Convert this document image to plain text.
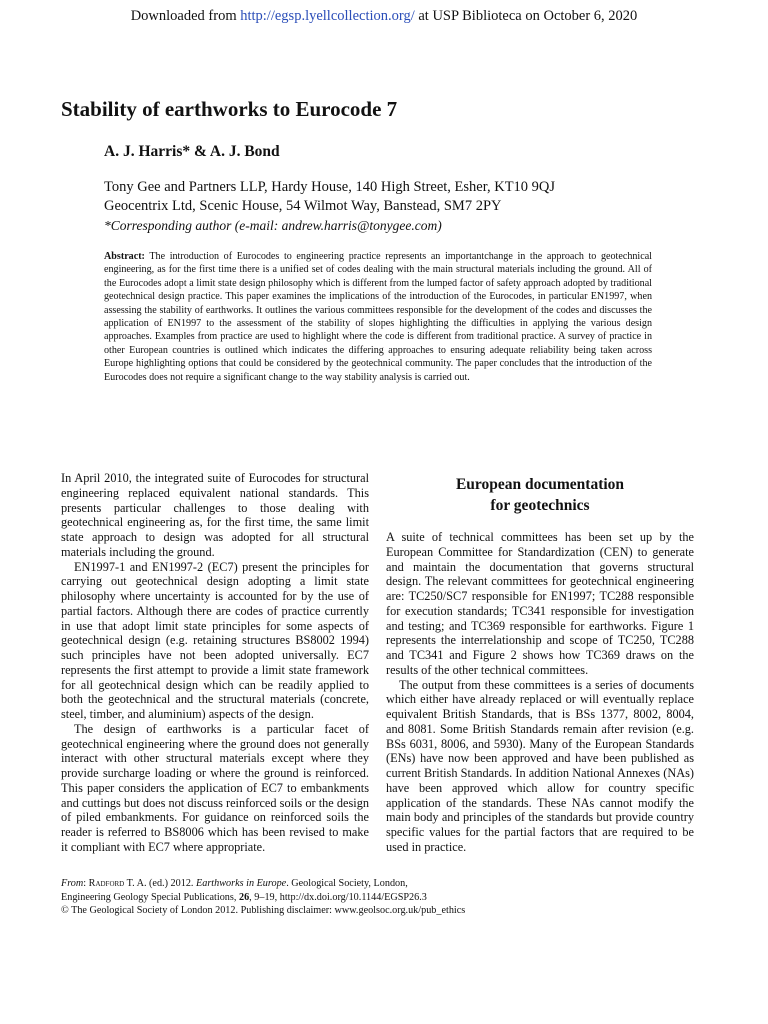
Downloaded from http://egsp.lyellcollection.org/ at USP Biblioteca on October 6, 2020
Stability of earthworks to Eurocode 7

A. J. Harris* & A. J. Bond

Tony Gee and Partners LLP, Hardy House, 140 High Street, Esher, KT10 9QJ

Geocentrix Ltd, Scenic House, 54 Wilmot Way, Banstead, SM7 2PY

*Corresponding author (e-mail: andrew.harris@tonygee.com)

Abstract: The introduction of Eurocodes to engineering practice represents an importantchange in the approach to geotechnical engineering, as for the first time there is a unified set of codes dealing with the main structural materials including the ground. All of the Eurocodes adopt a limit state design philosophy which is different from the lumped factor of safety approach adopted by traditional geotechnical design practice. This paper examines the implications of the introduction of the Eurocodes, in particular EN1997, when assessing the stability of earthworks. It outlines the various committees responsible for the development of the codes and discusses the application of EN1997 to the assessment of the stability of slopes highlighting the difficulties in applying the various design approaches. Examples from practice are used to highlight where the code is different from traditional practice. A survey of practice in other European countries is outlined which indicates the differing approaches to ensuring adequate reliability being taken across Europe highlighting options that could be considered by the geotechnical community. The paper concludes that the introduction of the Eurocodes does not require a significant change to the way stability analysis is carried out.

In April 2010, the integrated suite of Eurocodes for structural engineering replaced equivalent national standards. This presents particular challenges to those dealing with geotechnical engineering as, for the first time, the same limit state approach to design was adopted for all structural materials including the ground.

EN1997-1 and EN1997-2 (EC7) present the principles for carrying out geotechnical design adopting a limit state philosophy where uncertainty is accounted for by the use of partial factors. Although there are codes of practice currently in use that adopt limit state principles for some aspects of geotechnical design (e.g. retaining structures BS8002 1994) such principles have not been adopted universally. EC7 represents the first attempt to provide a limit state framework for all geotechnical design which can be readily applied to both the geotechnical and the structural materials (concrete, steel, timber, and aluminium) aspects of the design.

The design of earthworks is a particular facet of geotechnical engineering where the ground does not generally interact with other structural materials except where they provide surcharge loading or where the ground is reinforced. This paper considers the application of EC7 to embankments and cuttings but does not discuss reinforced soils or the design of piled embankments. For guidance on reinforced soils the reader is referred to BS8006 which has been revised to make it compliant with EC7 where appropriate.

European documentation
for geotechnics

A suite of technical committees has been set up by the European Committee for Standardization (CEN) to generate and maintain the documentation that governs structural design. The relevant committees for geotechnical engineering are: TC250/SC7 responsible for EN1997; TC288 responsible for execution standards; TC341 responsible for investigation and testing; and TC369 responsible for earthworks. Figure 1 represents the interrelationship and scope of TC250, TC288 and TC341 and Figure 2 shows how TC369 draws on the results of the other technical committees.

The output from these committees is a series of documents which either have already replaced or will eventually replace equivalent British Standards, that is BSs 1377, 8002, 8004, and 8081. Some British Standards remain after revision (e.g. BSs 6031, 8006, and 5930). Many of the European Standards (ENs) have now been approved and have been published as current British Standards. In addition National Annexes (NAs) have been approved which allow for country specific application of the standards. These NAs cannot modify the main body and principles of the standards but provide country specific values for the partial factors that are required to be used in practice.

From: Radford T. A. (ed.) 2012. Earthworks in Europe. Geological Society, London,
Engineering Geology Special Publications, 26, 9–19, http://dx.doi.org/10.1144/EGSP26.3
© The Geological Society of London 2012. Publishing disclaimer: www.geolsoc.org.uk/pub_ethics
